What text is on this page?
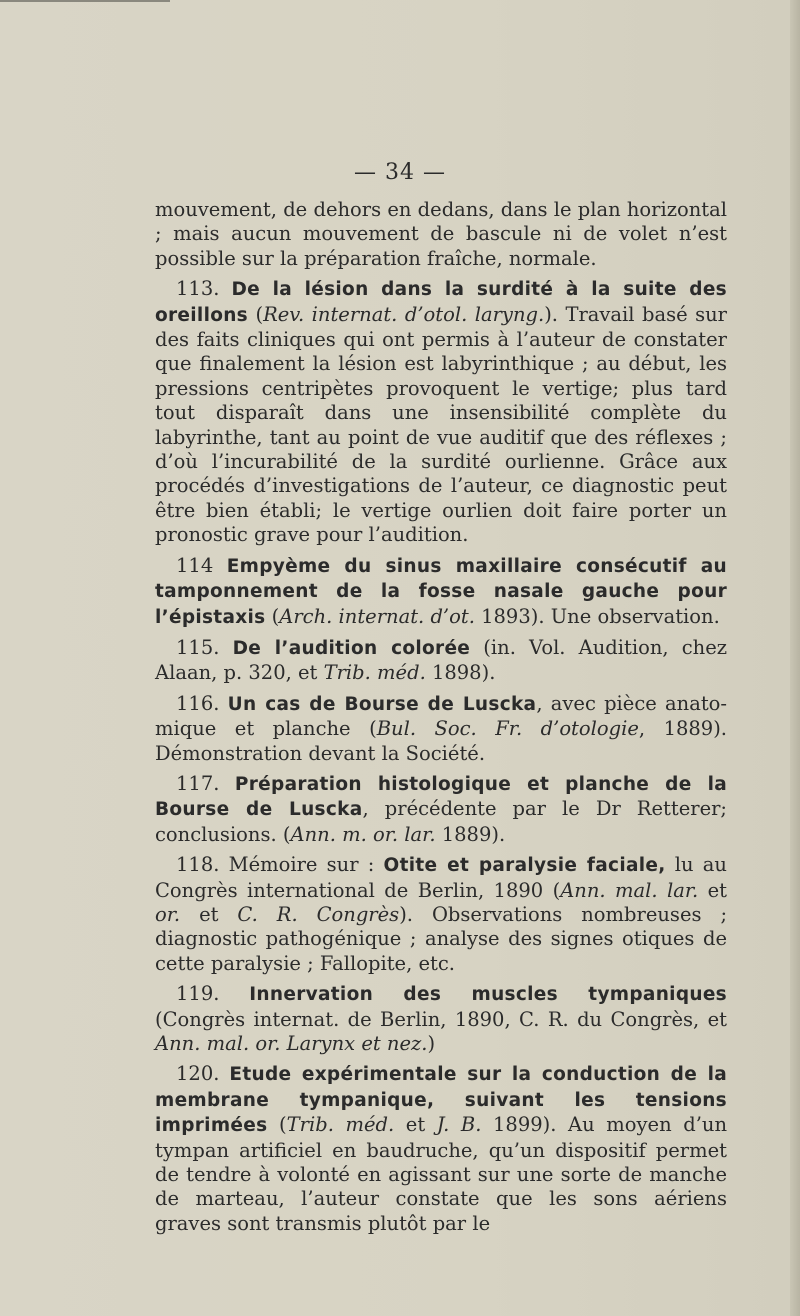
— 34 —

mouvement, de dehors en dedans, dans le plan horizontal ; mais aucun mouvement de bascule ni de volet n’est possible sur la préparation fraîche, normale.

113. De la lésion dans la surdité à la suite des oreillons (Rev. internat. d’otol. laryng.). Travail basé sur des faits cliniques qui ont permis à l’auteur de constater que finalement la lésion est labyrinthique ; au début, les pressions centripètes provoquent le vertige; plus tard tout disparaît dans une insensibilité complète du labyrinthe, tant au point de vue auditif que des réflexes ; d’où l’incurabilité de la surdité ourlienne. Grâce aux procédés d’investigations de l’auteur, ce diagnostic peut être bien établi; le vertige ourlien doit faire porter un pronostic grave pour l’audition.

114 Empyème du sinus maxillaire consécutif au tamponnement de la fosse nasale gauche pour l’épistaxis (Arch. internat. d’ot. 1893). Une observation.

115. De l’audition colorée (in. Vol. Audition, chez Alaan, p. 320, et Trib. méd. 1898).

116. Un cas de Bourse de Luscka, avec pièce anatomique et planche (Bul. Soc. Fr. d’otologie, 1889). Démonstration devant la Société.

117. Préparation histologique et planche de la Bourse de Luscka, précédente par le Dr Retterer; conclusions. (Ann. m. or. lar. 1889).

118. Mémoire sur : Otite et paralysie faciale, lu au Congrès international de Berlin, 1890 (Ann. mal. lar. et or. et C. R. Congrès). Observations nombreuses ; diagnostic pathogénique ; analyse des signes otiques de cette paralysie ; Fallopite, etc.

119. Innervation des muscles tympaniques (Congrès internat. de Berlin, 1890, C. R. du Congrès, et Ann. mal. or. Larynx et nez.)

120. Etude expérimentale sur la conduction de la membrane tympanique, suivant les tensions imprimées (Trib. méd. et J. B. 1899). Au moyen d’un tympan artificiel en baudruche, qu’un dispositif permet de tendre à volonté en agissant sur une sorte de manche de marteau, l’auteur constate que les sons aériens graves sont transmis plutôt par le
